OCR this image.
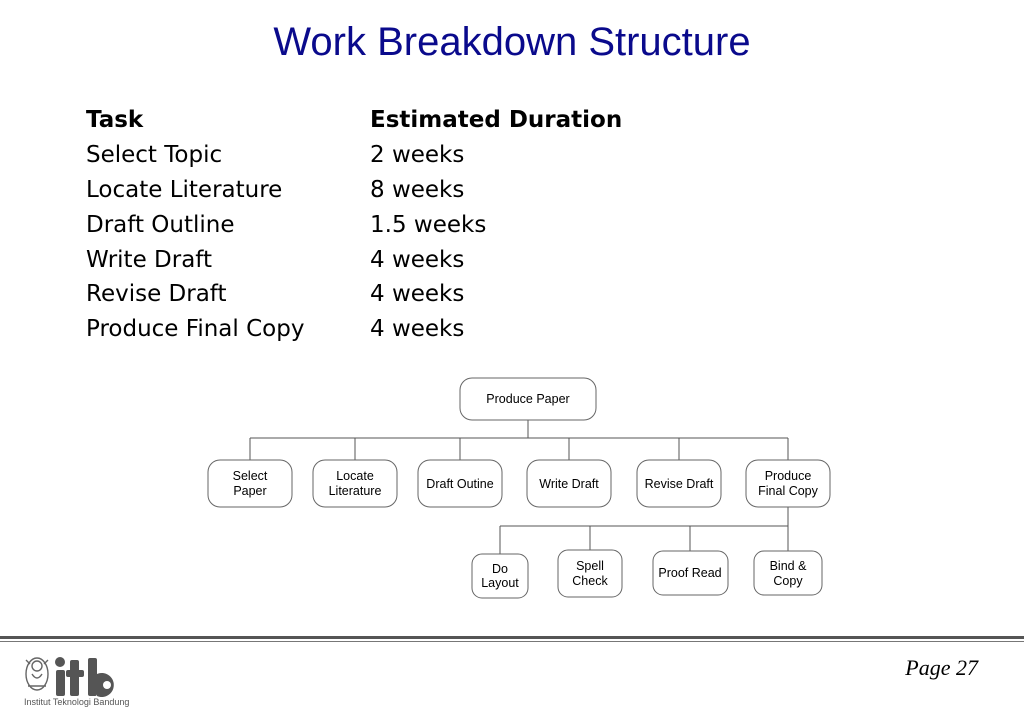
Work Breakdown Structure
Task	Estimated Duration
Select Topic	2 weeks
Locate Literature	8 weeks
Draft Outline	1.5 weeks
Write Draft	4 weeks
Revise Draft	4 weeks
Produce Final Copy	4 weeks
Produce Paper
Select
Paper
Locate
Literature	Draft Outine	Write Draft	Revise Draft
Produce
Final Copy
Do
Layout
Spell
Check
Proof Read	Bind &
Copy
Institut Teknologi Bandung
Page 27
